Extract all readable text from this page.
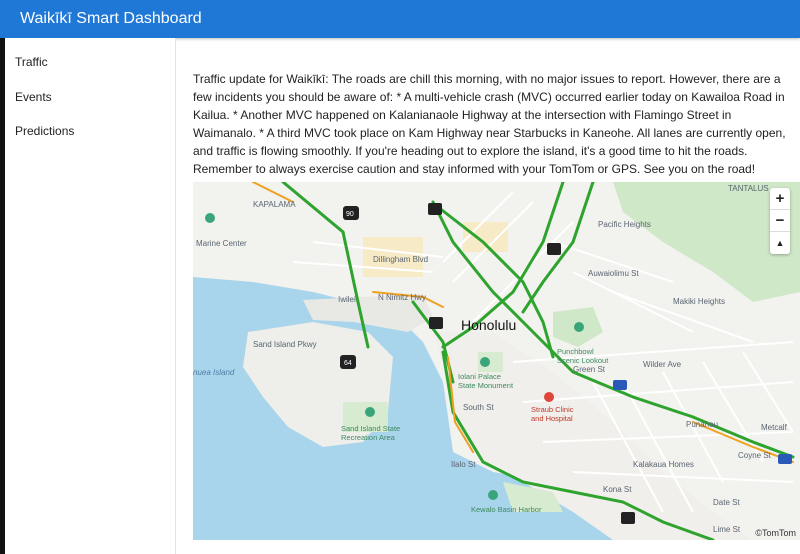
Waikīkī Smart Dashboard
Traffic
Events
Predictions

Traffic update for Waikīkī: The roads are chill this morning, with no major issues to report. However, there are a few incidents you should be aware of: * A multi-vehicle crash (MVC) occurred earlier today on Kawailoa Road in Kailua. * Another MVC happened on Kalanianaole Highway at the intersection with Flamingo Street in Waimanalo. * A third MVC took place on Kam Highway near Starbucks in Kaneohe. All lanes are currently open, and traffic is flowing smoothly. If you're heading out to explore the island, it's a good time to hit the roads. Remember to always exercise caution and stay informed with your TomTom or GPS. See you on the road!

90
64
KAPALAMA
TANTALUS
Marine Center
Dillingham Blvd
Iwilei	N Nimitz Hwy
Sand Island Pkwy
nuea Island
Sand Island State
Recreation Area
Pacific Heights
Auwaiolimu St
Makiki Heights
Honolulu
Punchbowl
Scenic Lookout
Iolani Palace
State Monument
Straub Clinic
and Hospital
Green St
Wilder Ave
South St
Ilalo St	Kalakaua Homes
Kona St
Date St
Kewalo Basin Harbor
Metcalf
Coyne St
Punahou
Lime St
+
−
▲
©TomTom
